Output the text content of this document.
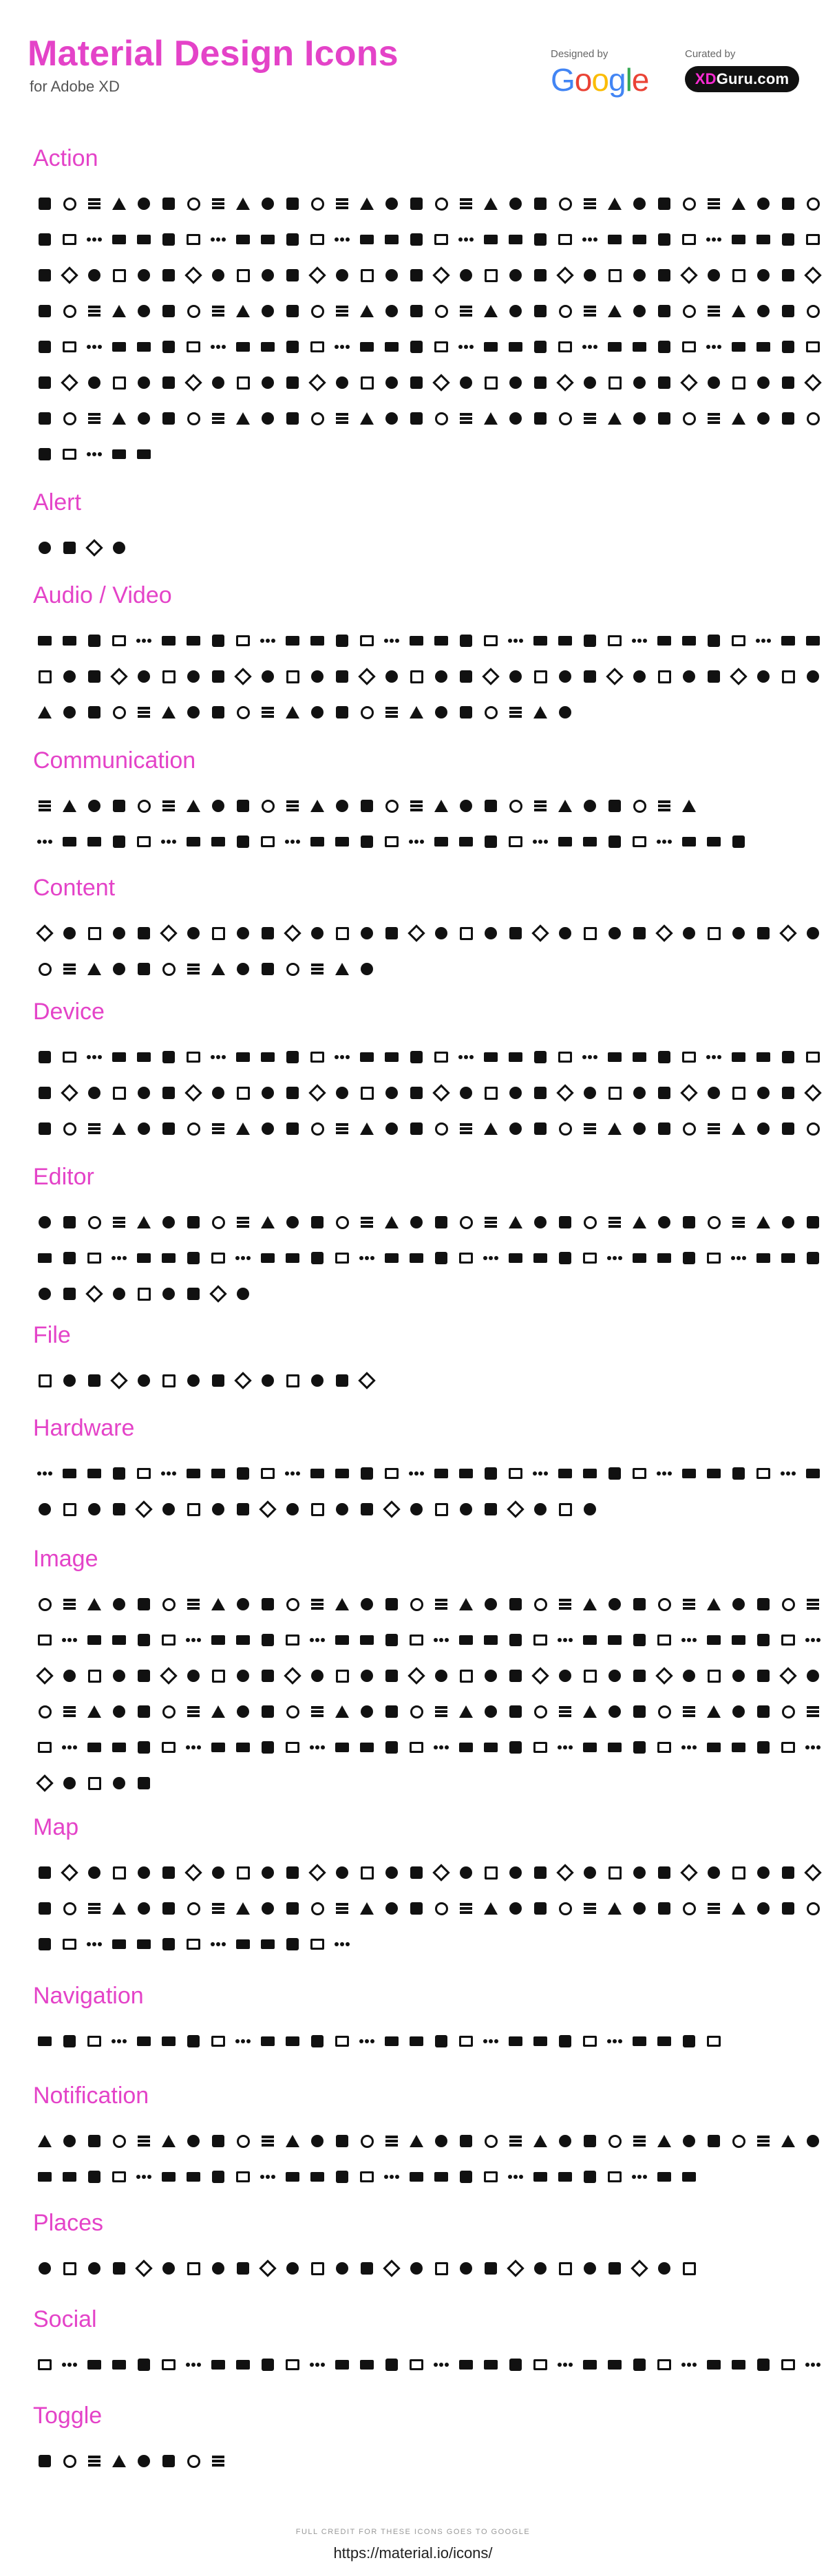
Material Design Icons
for Adobe XD
Designed by
Google
Curated by
XD Guru.com
Action
Alert
Audio / Video
Communication
Content
Device
Editor
File
Hardware
Image
Map
Navigation
Notification
Places
Social
Toggle
FULL CREDIT FOR THESE ICONS GOES TO GOOGLE
https://material.io/icons/
